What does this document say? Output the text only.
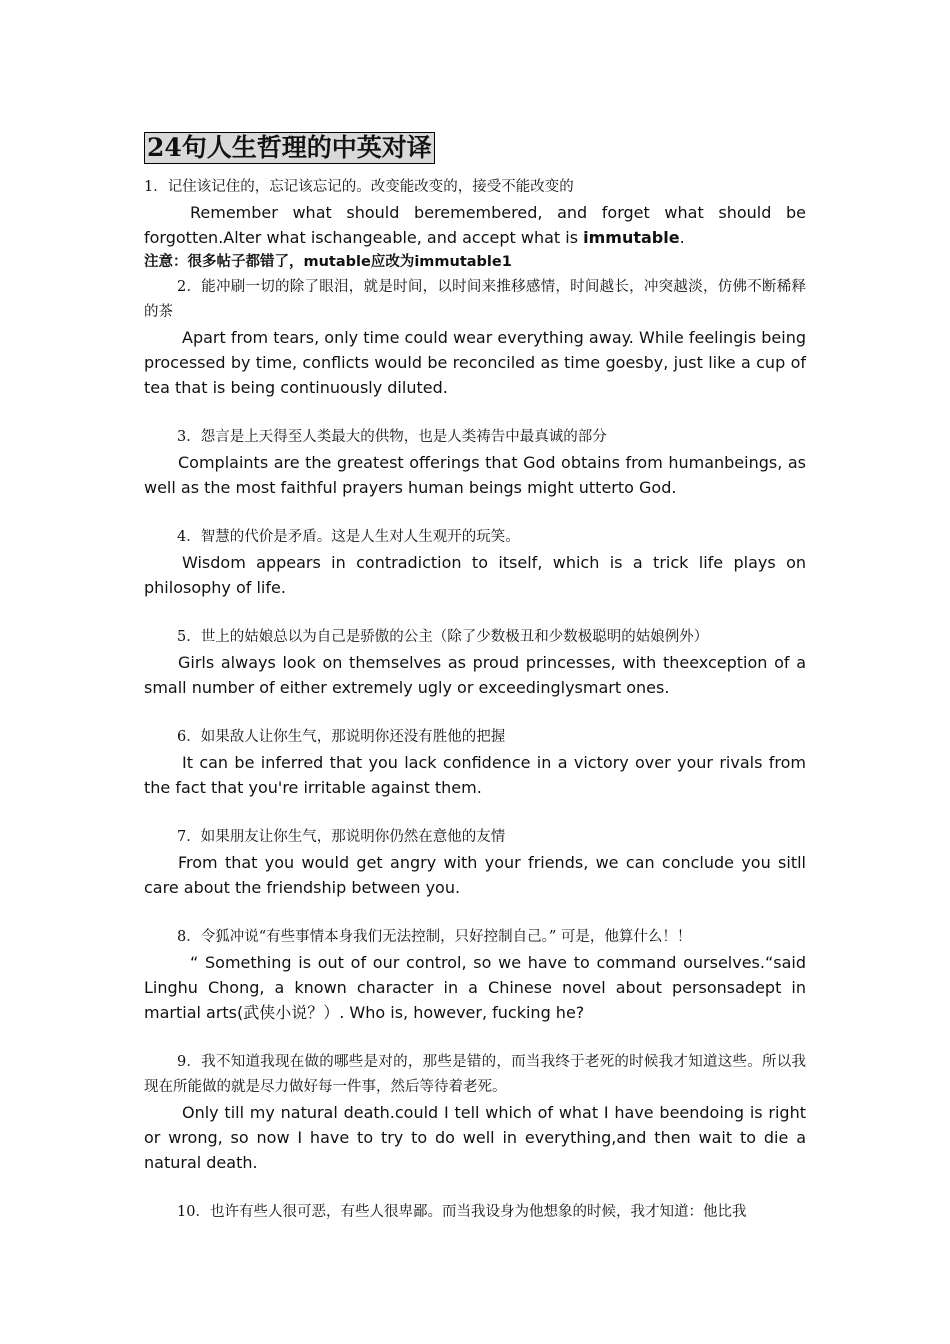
24句人生哲理的中英对译
1．记住该记住的，忘记该忘记的。改变能改变的，接受不能改变的
Remember what should beremembered, and forget what should be forgotten.Alter what ischangeable, and accept what is immutable.
注意：很多帖子都错了，mutable应改为immutable1
2．能冲刷一切的除了眼泪，就是时间，以时间来推移感情，时间越长，冲突越淡，仿佛不断稀释的茶
Apart from tears, only time could wear everything away. While feelingis being processed by time, conflicts would be reconciled as time goesby, just like a cup of tea that is being continuously diluted.
3．怨言是上天得至人类最大的供物，也是人类祷告中最真诚的部分
Complaints are the greatest offerings that God obtains from humanbeings, as well as the most faithful prayers human beings might utterto God.
4．智慧的代价是矛盾。这是人生对人生观开的玩笑。
Wisdom appears in contradiction to itself, which is a trick life plays on philosophy of life.
5．世上的姑娘总以为自己是骄傲的公主（除了少数极丑和少数极聪明的姑娘例外）
Girls always look on themselves as proud princesses, with theexception of a small number of either extremely ugly or exceedinglysmart ones.
6．如果敌人让你生气，那说明你还没有胜他的把握
It can be inferred that you lack confidence in a victory over your rivals from the fact that you're irritable against them.
7．如果朋友让你生气，那说明你仍然在意他的友情
From that you would get angry with your friends, we can conclude you sitll care about the friendship between you.
8．令狐冲说“有些事情本身我们无法控制，只好控制自己。” 可是，他算什么！！
“ Something is out of our control, so we have to command ourselves.“said Linghu Chong, a known character in a Chinese novel about personsadept in martial arts(武侠小说？）. Who is, however, fucking he?
9．我不知道我现在做的哪些是对的，那些是错的，而当我终于老死的时候我才知道这些。所以我现在所能做的就是尽力做好每一件事，然后等待着老死。
Only till my natural death.could I tell which of what I have beendoing is right or wrong, so now I have to try to do well in everything,and then wait to die a natural death.
10．也许有些人很可恶，有些人很卑鄙。而当我设身为他想象的时候，我才知道：他比我
